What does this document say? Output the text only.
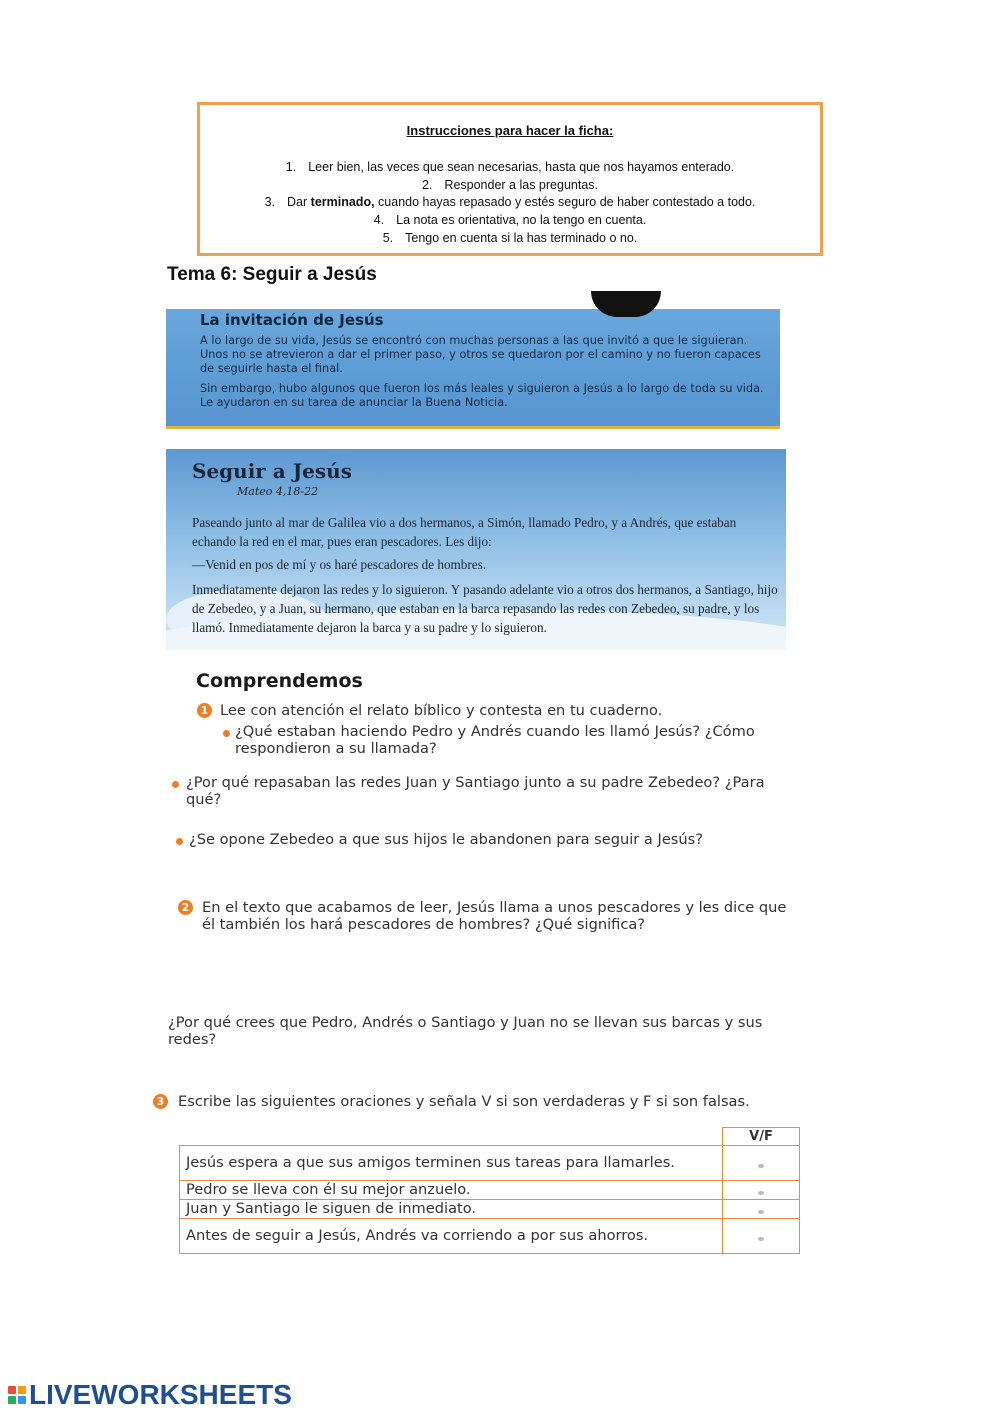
Instrucciones para hacer la ficha:
1. Leer bien, las veces que sean necesarias, hasta que nos hayamos enterado.
2. Responder a las preguntas.
3. Dar terminado, cuando hayas repasado y estés seguro de haber contestado a todo.
4. La nota es orientativa, no la tengo en cuenta.
5. Tengo en cuenta si la has terminado o no.
Tema 6: Seguir a Jesús
La invitación de Jesús
A lo largo de su vida, Jesús se encontró con muchas personas a las que invitó a que le siguieran. Unos no se atrevieron a dar el primer paso, y otros se quedaron por el camino y no fueron capaces de seguirle hasta el final.
Sin embargo, hubo algunos que fueron los más leales y siguieron a Jesús a lo largo de toda su vida. Le ayudaron en su tarea de anunciar la Buena Noticia.
Seguir a Jesús
Mateo 4,18-22
Paseando junto al mar de Galilea vio a dos hermanos, a Simón, llamado Pedro, y a Andrés, que estaban echando la red en el mar, pues eran pescadores. Les dijo:
—Venid en pos de mí y os haré pescadores de hombres.
Inmediatamente dejaron las redes y lo siguieron. Y pasando adelante vio a otros dos hermanos, a Santiago, hijo de Zebedeo, y a Juan, su hermano, que estaban en la barca repasando las redes con Zebedeo, su padre, y los llamó. Inmediatamente dejaron la barca y a su padre y lo siguieron.
Comprendemos
1 Lee con atención el relato bíblico y contesta en tu cuaderno.
¿Qué estaban haciendo Pedro y Andrés cuando les llamó Jesús? ¿Cómo respondieron a su llamada?
¿Por qué repasaban las redes Juan y Santiago junto a su padre Zebedeo? ¿Para qué?
¿Se opone Zebedeo a que sus hijos le abandonen para seguir a Jesús?
2 En el texto que acabamos de leer, Jesús llama a unos pescadores y les dice que él también los hará pescadores de hombres? ¿Qué significa?
¿Por qué crees que Pedro, Andrés o Santiago y Juan no se llevan sus barcas y sus redes?
3 Escribe las siguientes oraciones y señala V si son verdaderas y F si son falsas.
	V/F
Jesús espera a que sus amigos terminen sus tareas para llamarles.	
Pedro se lleva con él su mejor anzuelo.	
Juan y Santiago le siguen de inmediato.	
Antes de seguir a Jesús, Andrés va corriendo a por sus ahorros.	
LIVEWORKSHEETS
